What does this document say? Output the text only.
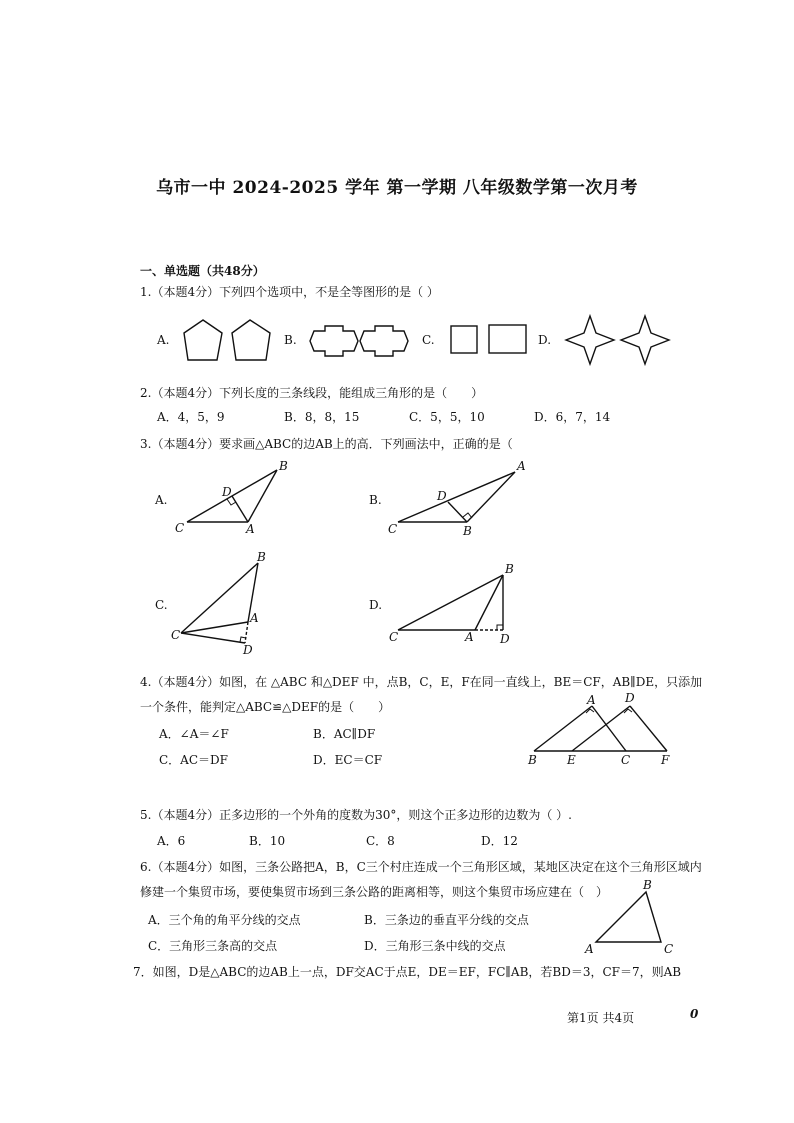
乌市一中 2024-2025 学年 第一学期 八年级数学第一次月考
一、单选题（共48分）
1.（本题4分）下列四个选项中，不是全等图形的是（ ）
A.	B.	C.	D.
2.（本题4分）下列长度的三条线段，能组成三角形的是（　　）
A．4，5，9	B．8，8，15	C．5，5，10	D．6，7，14
3.（本题4分）要求画△ABC的边AB上的高．下列画法中，正确的是（
A.	B.
C.	D.
B
D
C	A
A
D
C	B
B
A
C
D
B
C	A D
4.（本题4分）如图，在 △ABC 和△DEF 中，点B，C，E，F在同一直线上，BE＝CF，AB∥DE，只添加
一个条件，能判定△ABC≌△DEF的是（　　）
A．∠A＝∠F	B．AC∥DF
C．AC＝DF	D．EC＝CF
A D
B	E	C	F
5.（本题4分）正多边形的一个外角的度数为30°，则这个正多边形的边数为（ ）.
A．6	B．10	C．8	D．12
6.（本题4分）如图，三条公路把A，B，C三个村庄连成一个三角形区域，某地区决定在这个三角形区域内
修建一个集贸市场，要使集贸市场到三条公路的距离相等，则这个集贸市场应建在（　）
A．三个角的角平分线的交点	B．三条边的垂直平分线的交点
C．三角形三条高的交点	D．三角形三条中线的交点
B
A	C
7．如图，D是△ABC的边AB上一点，DF交AC于点E，DE＝EF，FC∥AB，若BD＝3，CF＝7，则AB
第1页 共4页	0
